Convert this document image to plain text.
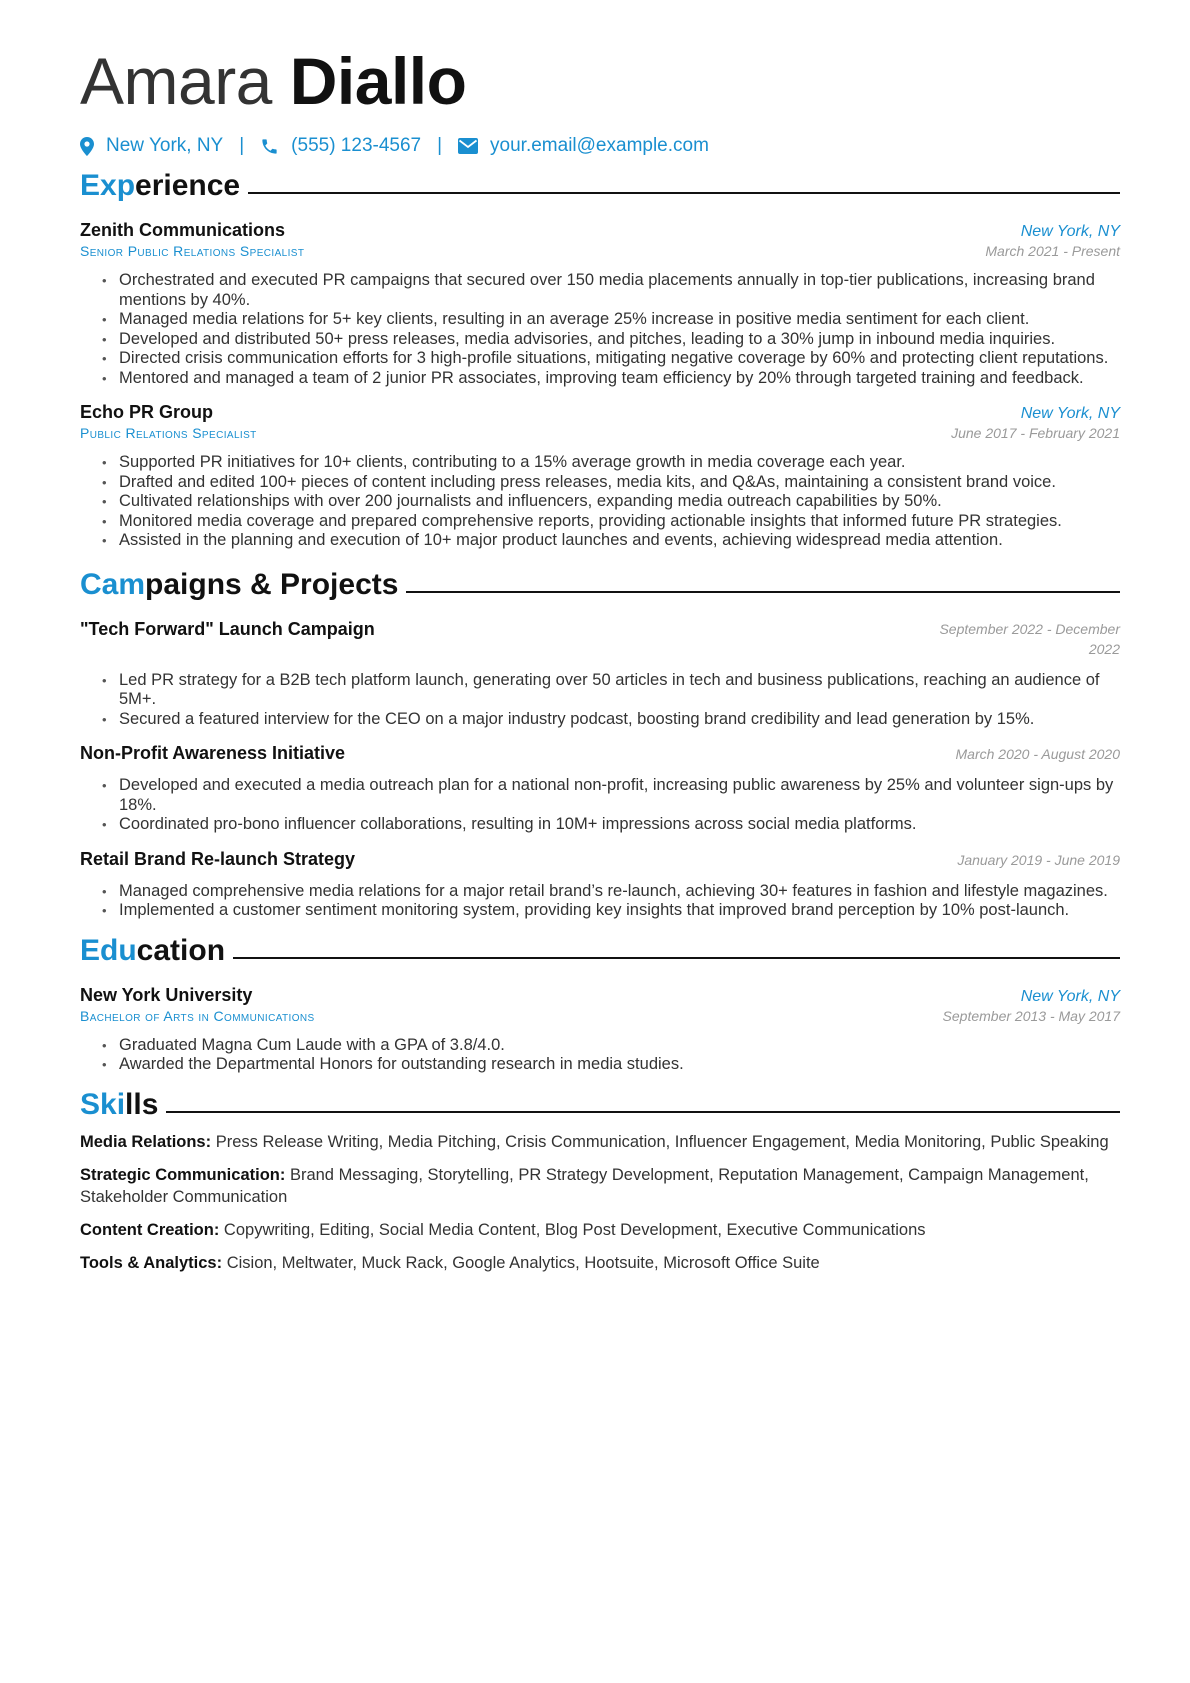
Amara Diallo
New York, NY | (555) 123-4567 |	your.email@example.com
Experience
Zenith Communications	New York, NY
Senior Public Relations Specialist	March 2021 - Present
• Orchestrated and executed PR campaigns that secured over 150 media placements annually in top-tier publications, increasing brand mentions by 40%.
• Managed media relations for 5+ key clients, resulting in an average 25% increase in positive media sentiment for each client.
• Developed and distributed 50+ press releases, media advisories, and pitches, leading to a 30% jump in inbound media inquiries.
• Directed crisis communication efforts for 3 high-profile situations, mitigating negative coverage by 60% and protecting client reputations.
• Mentored and managed a team of 2 junior PR associates, improving team efficiency by 20% through targeted training and feedback.
Echo PR Group	New York, NY
Public Relations Specialist	June 2017 - February 2021
• Supported PR initiatives for 10+ clients, contributing to a 15% average growth in media coverage each year.
• Drafted and edited 100+ pieces of content including press releases, media kits, and Q&As, maintaining a consistent brand voice.
• Cultivated relationships with over 200 journalists and influencers, expanding media outreach capabilities by 50%.
• Monitored media coverage and prepared comprehensive reports, providing actionable insights that informed future PR strategies.
• Assisted in the planning and execution of 10+ major product launches and events, achieving widespread media attention.
Campaigns & Projects
"Tech Forward" Launch Campaign	September 2022 - December 2022
• Led PR strategy for a B2B tech platform launch, generating over 50 articles in tech and business publications, reaching an audience of 5M+.
• Secured a featured interview for the CEO on a major industry podcast, boosting brand credibility and lead generation by 15%.
Non-Profit Awareness Initiative	March 2020 - August 2020
• Developed and executed a media outreach plan for a national non-profit, increasing public awareness by 25% and volunteer sign-ups by 18%.
• Coordinated pro-bono influencer collaborations, resulting in 10M+ impressions across social media platforms.
Retail Brand Re-launch Strategy	January 2019 - June 2019
• Managed comprehensive media relations for a major retail brand’s re-launch, achieving 30+ features in fashion and lifestyle magazines.
• Implemented a customer sentiment monitoring system, providing key insights that improved brand perception by 10% post-launch.
Education
New York University	New York, NY
Bachelor of Arts in Communications	September 2013 - May 2017
• Graduated Magna Cum Laude with a GPA of 3.8/4.0.
• Awarded the Departmental Honors for outstanding research in media studies.
Skills
Media Relations: Press Release Writing, Media Pitching, Crisis Communication, Influencer Engagement, Media Monitoring, Public Speaking
Strategic Communication: Brand Messaging, Storytelling, PR Strategy Development, Reputation Management, Campaign Management, Stakeholder Communication
Content Creation: Copywriting, Editing, Social Media Content, Blog Post Development, Executive Communications
Tools & Analytics: Cision, Meltwater, Muck Rack, Google Analytics, Hootsuite, Microsoft Office Suite
